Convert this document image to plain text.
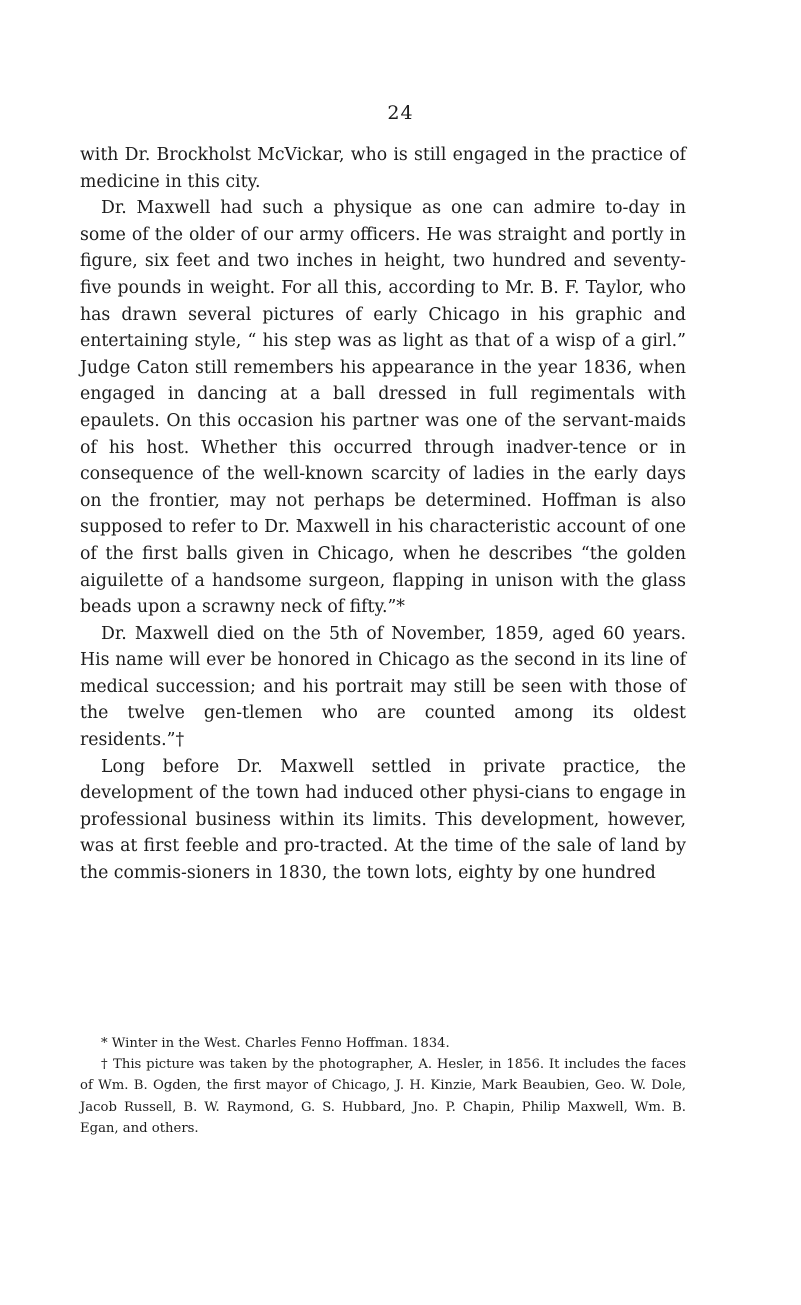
24

with Dr. Brockholst McVickar, who is still engaged in the practice of medicine in this city.

Dr. Maxwell had such a physique as one can admire to-day in some of the older of our army officers. He was straight and portly in figure, six feet and two inches in height, two hundred and seventy-five pounds in weight. For all this, according to Mr. B. F. Taylor, who has drawn several pictures of early Chicago in his graphic and entertaining style, “ his step was as light as that of a wisp of a girl.” Judge Caton still remembers his appearance in the year 1836, when engaged in dancing at a ball dressed in full regimentals with epaulets. On this occasion his partner was one of the servant-maids of his host. Whether this occurred through inadver-tence or in consequence of the well-known scarcity of ladies in the early days on the frontier, may not perhaps be determined. Hoffman is also supposed to refer to Dr. Maxwell in his characteristic account of one of the first balls given in Chicago, when he describes “the golden aiguilette of a handsome surgeon, flapping in unison with the glass beads upon a scrawny neck of fifty.”*

Dr. Maxwell died on the 5th of November, 1859, aged 60 years. His name will ever be honored in Chicago as the second in its line of medical succession; and his portrait may still be seen with those of the twelve gen-tlemen who are counted among its oldest residents.”†

Long before Dr. Maxwell settled in private practice, the development of the town had induced other physi-cians to engage in professional business within its limits. This development, however, was at first feeble and pro-tracted. At the time of the sale of land by the commis-sioners in 1830, the town lots, eighty by one hundred

* Winter in the West. Charles Fenno Hoffman. 1834.

† This picture was taken by the photographer, A. Hesler, in 1856. It includes the faces of Wm. B. Ogden, the first mayor of Chicago, J. H. Kinzie, Mark Beaubien, Geo. W. Dole, Jacob Russell, B. W. Raymond, G. S. Hubbard, Jno. P. Chapin, Philip Maxwell, Wm. B. Egan, and others.
